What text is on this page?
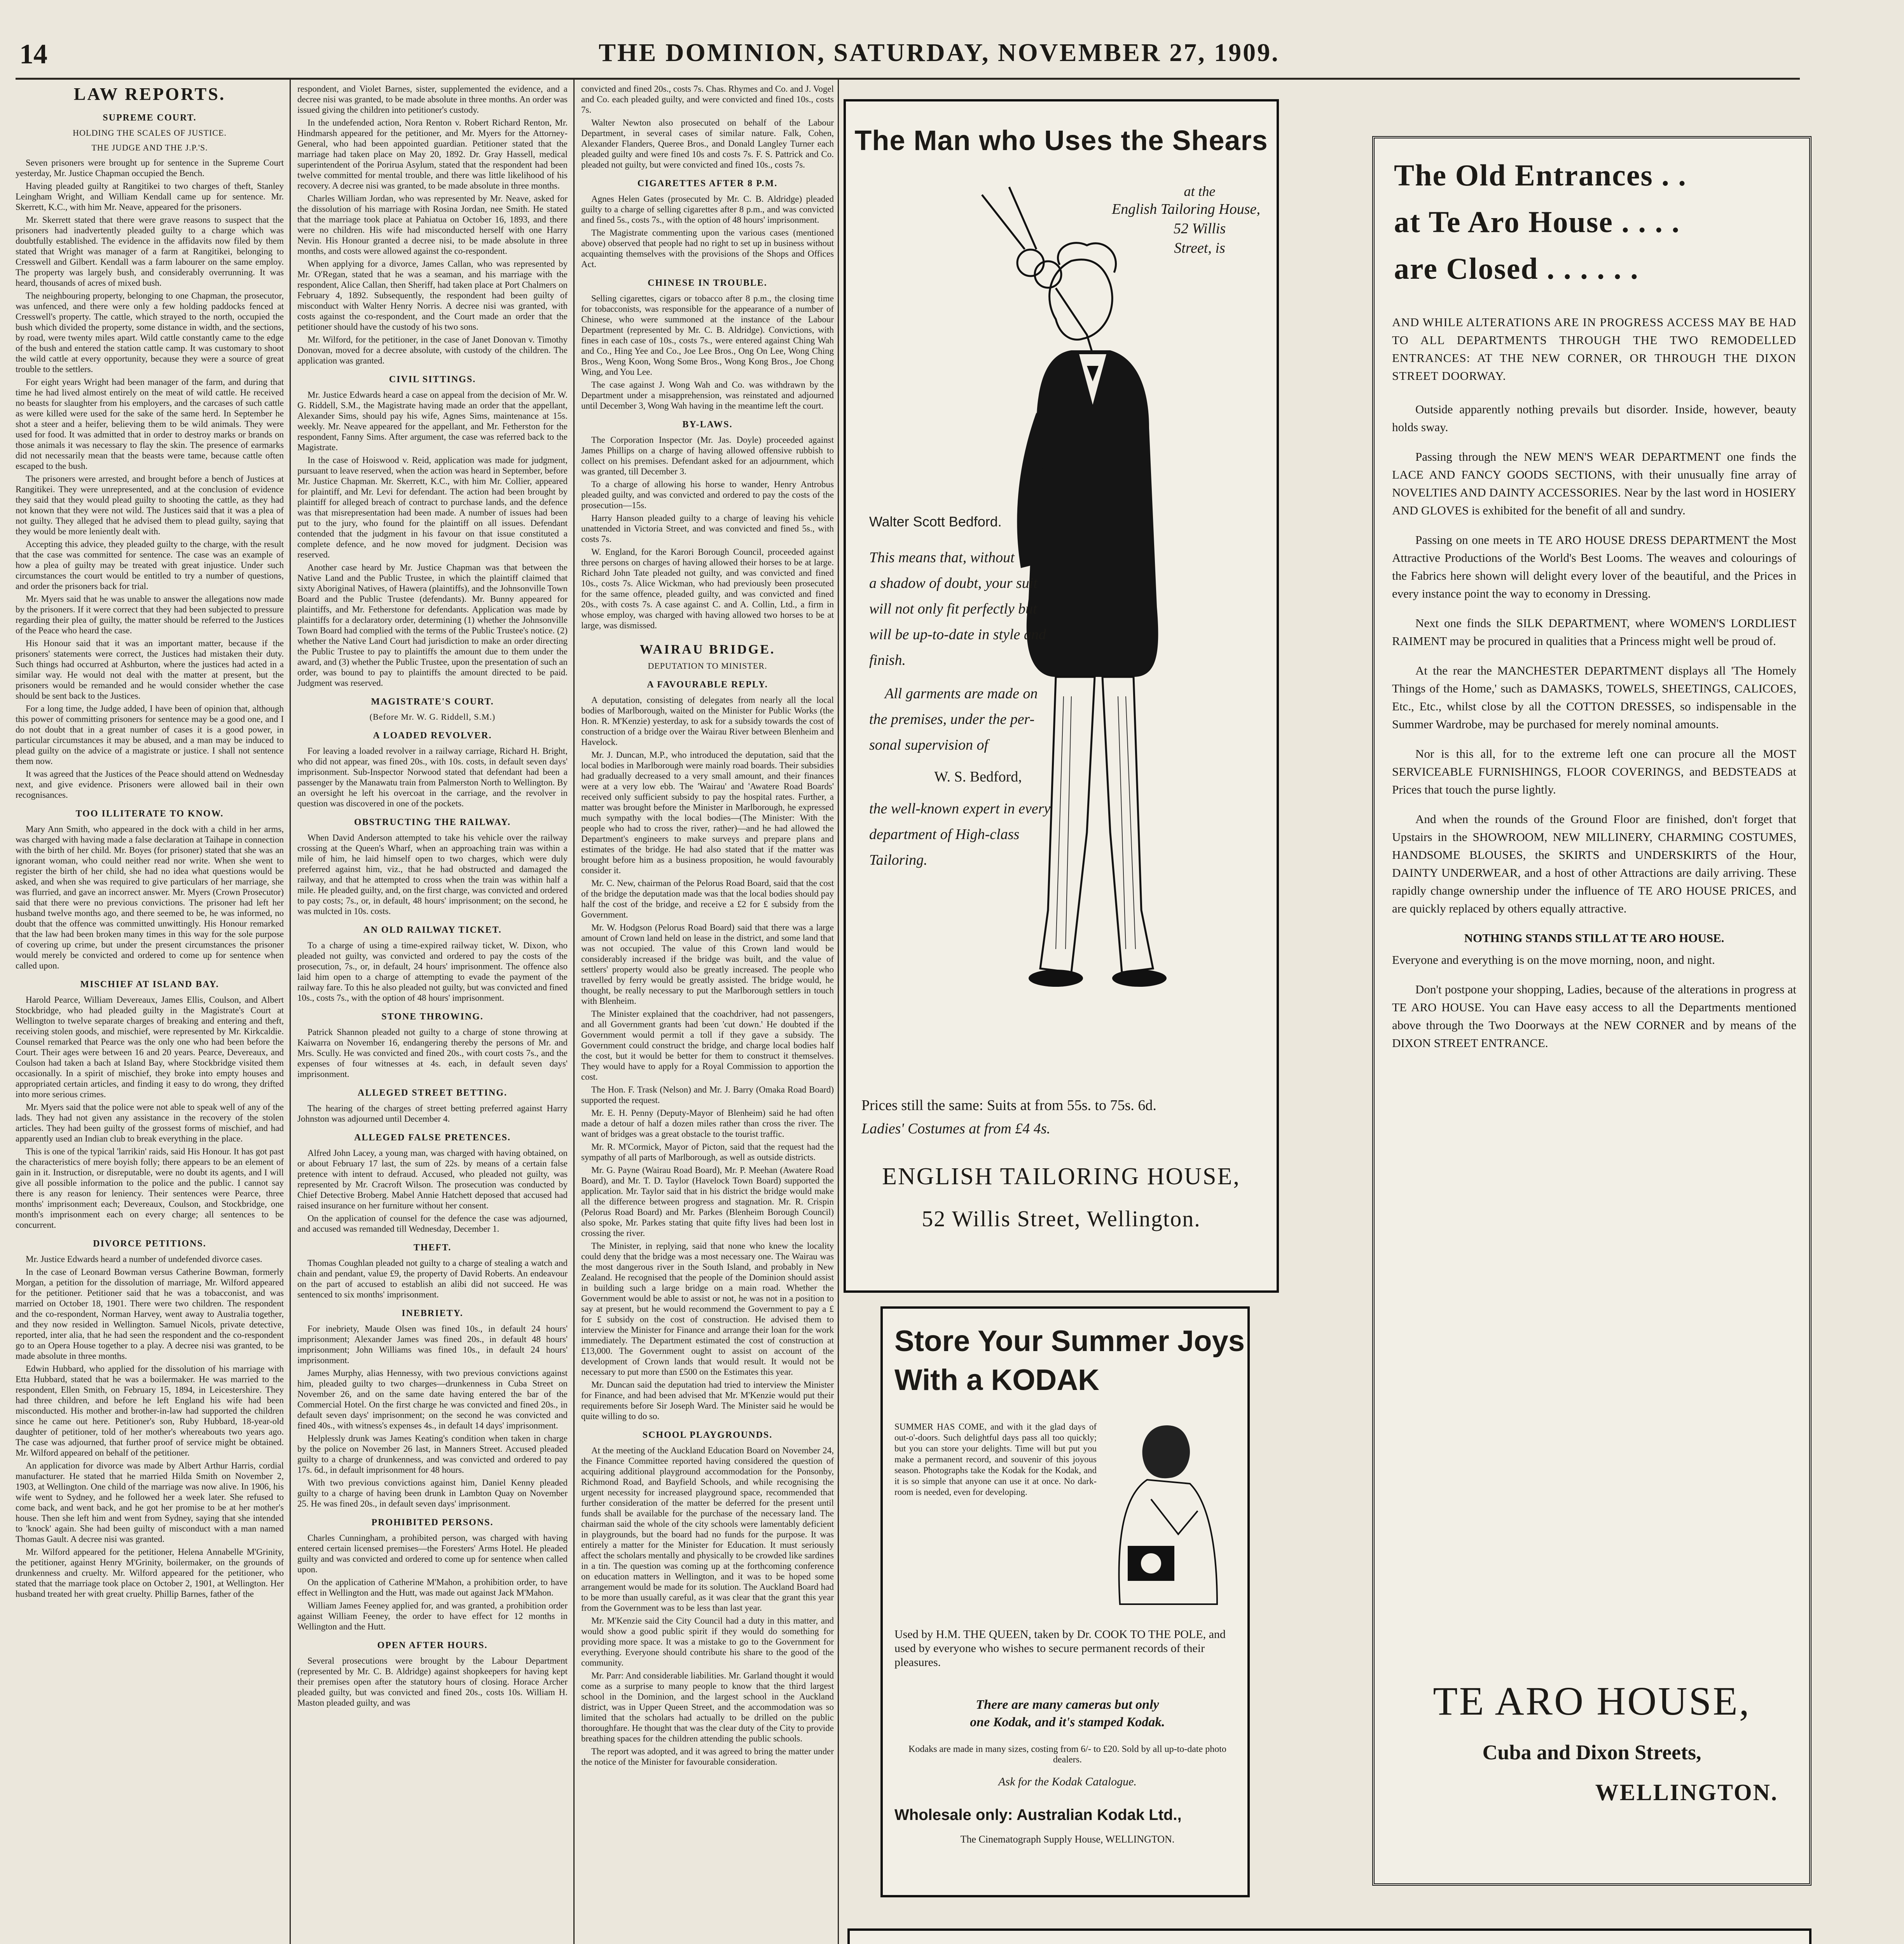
14	THE DOMINION, SATURDAY, NOVEMBER 27, 1909.
LAW REPORTS.
SUPREME COURT.
HOLDING THE SCALES OF JUSTICE.
THE JUDGE AND THE J.P.'S.

Seven prisoners were brought up for sentence in the Supreme Court yesterday, Mr. Justice Chapman occupied the Bench.

Having pleaded guilty at Rangitikei to two charges of theft, Stanley Leingham Wright, and William Kendall came up for sentence. Mr. Skerrett, K.C., with him Mr. Neave, appeared for the prisoners.

Mr. Skerrett stated that there were grave reasons to suspect that the prisoners had inadvertently pleaded guilty to a charge which was doubtfully established. The evidence in the affidavits now filed by them stated that Wright was manager of a farm at Rangitikei, belonging to Cresswell and Gilbert. Kendall was a farm labourer on the same employ. The property was largely bush, and considerably overrunning. It was heard, thousands of acres of mixed bush.

The neighbouring property, belonging to one Chapman, the prosecutor, was unfenced, and there were only a few holding paddocks fenced at Cresswell's property. The cattle, which strayed to the north, occupied the bush which divided the property, some distance in width, and the sections, by road, were twenty miles apart. Wild cattle constantly came to the edge of the bush and entered the station cattle camp. It was customary to shoot the wild cattle at every opportunity, because they were a source of great trouble to the settlers.

For eight years Wright had been manager of the farm, and during that time he had lived almost entirely on the meat of wild cattle. He received no beasts for slaughter from his employers, and the carcases of such cattle as were killed were used for the sake of the same herd. In September he shot a steer and a heifer, believing them to be wild animals. They were used for food. It was admitted that in order to destroy marks or brands on those animals it was necessary to flay the skin. The presence of earmarks did not necessarily mean that the beasts were tame, because cattle often escaped to the bush.

The prisoners were arrested, and brought before a bench of Justices at Rangitikei. They were unrepresented, and at the conclusion of evidence they said that they would plead guilty to shooting the cattle, as they had not known that they were not wild. The Justices said that it was a plea of not guilty. They alleged that he advised them to plead guilty, saying that they would be more leniently dealt with.

Accepting this advice, they pleaded guilty to the charge, with the result that the case was committed for sentence. The case was an example of how a plea of guilty may be treated with great injustice. Under such circumstances the court would be entitled to try a number of questions, and order the prisoners back for trial.

Mr. Myers said that he was unable to answer the allegations now made by the prisoners. If it were correct that they had been subjected to pressure regarding their plea of guilty, the matter should be referred to the Justices of the Peace who heard the case.

His Honour said that it was an important matter, because if the prisoners' statements were correct, the Justices had mistaken their duty. Such things had occurred at Ashburton, where the justices had acted in a similar way. He would not deal with the matter at present, but the prisoners would be remanded and he would consider whether the case should be sent back to the Justices.

For a long time, the Judge added, I have been of opinion that, although this power of committing prisoners for sentence may be a good one, and I do not doubt that in a great number of cases it is a good power, in particular circumstances it may be abused, and a man may be induced to plead guilty on the advice of a magistrate or justice. I shall not sentence them now.

It was agreed that the Justices of the Peace should attend on Wednesday next, and give evidence. Prisoners were allowed bail in their own recognisances.

TOO ILLITERATE TO KNOW.

Mary Ann Smith, who appeared in the dock with a child in her arms, was charged with having made a false declaration at Taihape in connection with the birth of her child. Mr. Boyes (for prisoner) stated that she was an ignorant woman, who could neither read nor write. When she went to register the birth of her child, she had no idea what questions would be asked, and when she was required to give particulars of her marriage, she was flurried, and gave an incorrect answer. Mr. Myers (Crown Prosecutor) said that there were no previous convictions. The prisoner had left her husband twelve months ago, and there seemed to be, he was informed, no doubt that the offence was committed unwittingly. His Honour remarked that the law had been broken many times in this way for the sole purpose of covering up crime, but under the present circumstances the prisoner would merely be convicted and ordered to come up for sentence when called upon.

MISCHIEF AT ISLAND BAY.

Harold Pearce, William Devereaux, James Ellis, Coulson, and Albert Stockbridge, who had pleaded guilty in the Magistrate's Court at Wellington to twelve separate charges of breaking and entering and theft, receiving stolen goods, and mischief, were represented by Mr. Kirkcaldie. Counsel remarked that Pearce was the only one who had been before the Court. Their ages were between 16 and 20 years. Pearce, Devereaux, and Coulson had taken a bach at Island Bay, where Stockbridge visited them occasionally. In a spirit of mischief, they broke into empty houses and appropriated certain articles, and finding it easy to do wrong, they drifted into more serious crimes.

Mr. Myers said that the police were not able to speak well of any of the lads. They had not given any assistance in the recovery of the stolen articles. They had been guilty of the grossest forms of mischief, and had apparently used an Indian club to break everything in the place.

This is one of the typical 'larrikin' raids, said His Honour. It has got past the characteristics of mere boyish folly; there appears to be an element of gain in it. Instruction, or disreputable, were no doubt its agents, and I will give all possible information to the police and the public. I cannot say there is any reason for leniency. Their sentences were Pearce, three months' imprisonment each; Devereaux, Coulson, and Stockbridge, one month's imprisonment each on every charge; all sentences to be concurrent.

DIVORCE PETITIONS.

Mr. Justice Edwards heard a number of undefended divorce cases.

In the case of Leonard Bowman versus Catherine Bowman, formerly Morgan, a petition for the dissolution of marriage, Mr. Wilford appeared for the petitioner. Petitioner said that he was a tobacconist, and was married on October 18, 1901. There were two children. The respondent and the co-respondent, Norman Harvey, went away to Australia together, and they now resided in Wellington. Samuel Nicols, private detective, reported, inter alia, that he had seen the respondent and the co-respondent go to an Opera House together to a play. A decree nisi was granted, to be made absolute in three months.

Edwin Hubbard, who applied for the dissolution of his marriage with Etta Hubbard, stated that he was a boilermaker. He was married to the respondent, Ellen Smith, on February 15, 1894, in Leicestershire. They had three children, and before he left England his wife had been misconducted. His mother and brother-in-law had supported the children since he came out here. Petitioner's son, Ruby Hubbard, 18-year-old daughter of petitioner, told of her mother's whereabouts two years ago. The case was adjourned, that further proof of service might be obtained. Mr. Wilford appeared on behalf of the petitioner.

An application for divorce was made by Albert Arthur Harris, cordial manufacturer. He stated that he married Hilda Smith on November 2, 1903, at Wellington. One child of the marriage was now alive. In 1906, his wife went to Sydney, and he followed her a week later. She refused to come back, and went back, and he got her promise to be at her mother's house. Then she left him and went from Sydney, saying that she intended to 'knock' again. She had been guilty of misconduct with a man named Thomas Gault. A decree nisi was granted.

Mr. Wilford appeared for the petitioner, Helena Annabelle M'Grinity, the petitioner, against Henry M'Grinity, boilermaker, on the grounds of drunkenness and cruelty. Mr. Wilford appeared for the petitioner, who stated that the marriage took place on October 2, 1901, at Wellington. Her husband treated her with great cruelty. Phillip Barnes, father of the

respondent, and Violet Barnes, sister, supplemented the evidence, and a decree nisi was granted, to be made absolute in three months. An order was issued giving the children into petitioner's custody.

In the undefended action, Nora Renton v. Robert Richard Renton, Mr. Hindmarsh appeared for the petitioner, and Mr. Myers for the Attorney-General, who had been appointed guardian. Petitioner stated that the marriage had taken place on May 20, 1892. Dr. Gray Hassell, medical superintendent of the Porirua Asylum, stated that the respondent had been twelve committed for mental trouble, and there was little likelihood of his recovery. A decree nisi was granted, to be made absolute in three months.

Charles William Jordan, who was represented by Mr. Neave, asked for the dissolution of his marriage with Rosina Jordan, nee Smith. He stated that the marriage took place at Pahiatua on October 16, 1893, and there were no children. His wife had misconducted herself with one Harry Nevin. His Honour granted a decree nisi, to be made absolute in three months, and costs were allowed against the co-respondent.

When applying for a divorce, James Callan, who was represented by Mr. O'Regan, stated that he was a seaman, and his marriage with the respondent, Alice Callan, then Sheriff, had taken place at Port Chalmers on February 4, 1892. Subsequently, the respondent had been guilty of misconduct with Walter Henry Norris. A decree nisi was granted, with costs against the co-respondent, and the Court made an order that the petitioner should have the custody of his two sons.

Mr. Wilford, for the petitioner, in the case of Janet Donovan v. Timothy Donovan, moved for a decree absolute, with custody of the children. The application was granted.

CIVIL SITTINGS.

Mr. Justice Edwards heard a case on appeal from the decision of Mr. W. G. Riddell, S.M., the Magistrate having made an order that the appellant, Alexander Sims, should pay his wife, Agnes Sims, maintenance at 15s. weekly. Mr. Neave appeared for the appellant, and Mr. Fetherston for the respondent, Fanny Sims. After argument, the case was referred back to the Magistrate.

In the case of Hoiswood v. Reid, application was made for judgment, pursuant to leave reserved, when the action was heard in September, before Mr. Justice Chapman. Mr. Skerrett, K.C., with him Mr. Collier, appeared for plaintiff, and Mr. Levi for defendant. The action had been brought by plaintiff for alleged breach of contract to purchase lands, and the defence was that misrepresentation had been made. A number of issues had been put to the jury, who found for the plaintiff on all issues. Defendant contended that the judgment in his favour on that issue constituted a complete defence, and he now moved for judgment. Decision was reserved.

Another case heard by Mr. Justice Chapman was that between the Native Land and the Public Trustee, in which the plaintiff claimed that sixty Aboriginal Natives, of Hawera (plaintiffs), and the Johnsonville Town Board and the Public Trustee (defendants). Mr. Bunny appeared for plaintiffs, and Mr. Fetherstone for defendants. Application was made by plaintiffs for a declaratory order, determining (1) whether the Johnsonville Town Board had complied with the terms of the Public Trustee's notice. (2) whether the Native Land Court had jurisdiction to make an order directing the Public Trustee to pay to plaintiffs the amount due to them under the award, and (3) whether the Public Trustee, upon the presentation of such an order, was bound to pay to plaintiffs the amount directed to be paid. Judgment was reserved.

MAGISTRATE'S COURT.
(Before Mr. W. G. Riddell, S.M.)
A LOADED REVOLVER.

For leaving a loaded revolver in a railway carriage, Richard H. Bright, who did not appear, was fined 20s., with 10s. costs, in default seven days' imprisonment. Sub-Inspector Norwood stated that defendant had been a passenger by the Manawatu train from Palmerston North to Wellington. By an oversight he left his overcoat in the carriage, and the revolver in question was discovered in one of the pockets.

OBSTRUCTING THE RAILWAY.

When David Anderson attempted to take his vehicle over the railway crossing at the Queen's Wharf, when an approaching train was within a mile of him, he laid himself open to two charges, which were duly preferred against him, viz., that he had obstructed and damaged the railway, and that he attempted to cross when the train was within half a mile. He pleaded guilty, and, on the first charge, was convicted and ordered to pay costs; 7s., or, in default, 48 hours' imprisonment; on the second, he was mulcted in 10s. costs.

AN OLD RAILWAY TICKET.

To a charge of using a time-expired railway ticket, W. Dixon, who pleaded not guilty, was convicted and ordered to pay the costs of the prosecution, 7s., or, in default, 24 hours' imprisonment. The offence also laid him open to a charge of attempting to evade the payment of the railway fare. To this he also pleaded not guilty, but was convicted and fined 10s., costs 7s., with the option of 48 hours' imprisonment.

STONE THROWING.

Patrick Shannon pleaded not guilty to a charge of stone throwing at Kaiwarra on November 16, endangering thereby the persons of Mr. and Mrs. Scully. He was convicted and fined 20s., with court costs 7s., and the expenses of four witnesses at 4s. each, in default seven days' imprisonment.

ALLEGED STREET BETTING.

The hearing of the charges of street betting preferred against Harry Johnston was adjourned until December 4.

ALLEGED FALSE PRETENCES.

Alfred John Lacey, a young man, was charged with having obtained, on or about February 17 last, the sum of 22s. by means of a certain false pretence with intent to defraud. Accused, who pleaded not guilty, was represented by Mr. Cracroft Wilson. The prosecution was conducted by Chief Detective Broberg. Mabel Annie Hatchett deposed that accused had raised insurance on her furniture without her consent.

On the application of counsel for the defence the case was adjourned, and accused was remanded till Wednesday, December 1.

THEFT.

Thomas Coughlan pleaded not guilty to a charge of stealing a watch and chain and pendant, value £9, the property of David Roberts. An endeavour on the part of accused to establish an alibi did not succeed. He was sentenced to six months' imprisonment.

INEBRIETY.

For inebriety, Maude Olsen was fined 10s., in default 24 hours' imprisonment; Alexander James was fined 20s., in default 48 hours' imprisonment; John Williams was fined 10s., in default 24 hours' imprisonment.

James Murphy, alias Hennessy, with two previous convictions against him, pleaded guilty to two charges—drunkenness in Cuba Street on November 26, and on the same date having entered the bar of the Commercial Hotel. On the first charge he was convicted and fined 20s., in default seven days' imprisonment; on the second he was convicted and fined 40s., with witness's expenses 4s., in default 14 days' imprisonment.

Helplessly drunk was James Keating's condition when taken in charge by the police on November 26 last, in Manners Street. Accused pleaded guilty to a charge of drunkenness, and was convicted and ordered to pay 17s. 6d., in default imprisonment for 48 hours.

With two previous convictions against him, Daniel Kenny pleaded guilty to a charge of having been drunk in Lambton Quay on November 25. He was fined 20s., in default seven days' imprisonment.

PROHIBITED PERSONS.

Charles Cunningham, a prohibited person, was charged with having entered certain licensed premises—the Foresters' Arms Hotel. He pleaded guilty and was convicted and ordered to come up for sentence when called upon.

On the application of Catherine M'Mahon, a prohibition order, to have effect in Wellington and the Hutt, was made out against Jack M'Mahon.

William James Feeney applied for, and was granted, a prohibition order against William Feeney, the order to have effect for 12 months in Wellington and the Hutt.

OPEN AFTER HOURS.

Several prosecutions were brought by the Labour Department (represented by Mr. C. B. Aldridge) against shopkeepers for having kept their premises open after the statutory hours of closing. Horace Archer pleaded guilty, but was convicted and fined 20s., costs 10s. William H. Maston pleaded guilty, and was

convicted and fined 20s., costs 7s. Chas. Rhymes and Co. and J. Vogel and Co. each pleaded guilty, and were convicted and fined 10s., costs 7s.

Walter Newton also prosecuted on behalf of the Labour Department, in several cases of similar nature. Falk, Cohen, Alexander Flanders, Queree Bros., and Donald Langley Turner each pleaded guilty and were fined 10s and costs 7s. F. S. Pattrick and Co. pleaded not guilty, but were convicted and fined 10s., costs 7s.

CIGARETTES AFTER 8 P.M.

Agnes Helen Gates (prosecuted by Mr. C. B. Aldridge) pleaded guilty to a charge of selling cigarettes after 8 p.m., and was convicted and fined 5s., costs 7s., with the option of 48 hours' imprisonment.

The Magistrate commenting upon the various cases (mentioned above) observed that people had no right to set up in business without acquainting themselves with the provisions of the Shops and Offices Act.

CHINESE IN TROUBLE.

Selling cigarettes, cigars or tobacco after 8 p.m., the closing time for tobacconists, was responsible for the appearance of a number of Chinese, who were summoned at the instance of the Labour Department (represented by Mr. C. B. Aldridge). Convictions, with fines in each case of 10s., costs 7s., were entered against Ching Wah and Co., Hing Yee and Co., Joe Lee Bros., Ong On Lee, Wong Ching Bros., Weng Koon, Wong Some Bros., Wong Kong Bros., Joe Chong Wing, and You Lee.

The case against J. Wong Wah and Co. was withdrawn by the Department under a misapprehension, was reinstated and adjourned until December 3, Wong Wah having in the meantime left the court.

BY-LAWS.

The Corporation Inspector (Mr. Jas. Doyle) proceeded against James Phillips on a charge of having allowed offensive rubbish to collect on his premises. Defendant asked for an adjournment, which was granted, till December 3.

To a charge of allowing his horse to wander, Henry Antrobus pleaded guilty, and was convicted and ordered to pay the costs of the prosecution—15s.

Harry Hanson pleaded guilty to a charge of leaving his vehicle unattended in Victoria Street, and was convicted and fined 5s., with costs 7s.

W. England, for the Karori Borough Council, proceeded against three persons on charges of having allowed their horses to be at large. Richard John Tate pleaded not guilty, and was convicted and fined 10s., costs 7s. Alice Wickman, who had previously been prosecuted for the same offence, pleaded guilty, and was convicted and fined 20s., with costs 7s. A case against C. and A. Collin, Ltd., a firm in whose employ, was charged with having allowed two horses to be at large, was dismissed.

WAIRAU BRIDGE.
DEPUTATION TO MINISTER.
A FAVOURABLE REPLY.

A deputation, consisting of delegates from nearly all the local bodies of Marlborough, waited on the Minister for Public Works (the Hon. R. M'Kenzie) yesterday, to ask for a subsidy towards the cost of construction of a bridge over the Wairau River between Blenheim and Havelock.

Mr. J. Duncan, M.P., who introduced the deputation, said that the local bodies in Marlborough were mainly road boards. Their subsidies had gradually decreased to a very small amount, and their finances were at a very low ebb. The 'Wairau' and 'Awatere Road Boards' received only sufficient subsidy to pay the hospital rates. Further, a matter was brought before the Minister in Marlborough, he expressed much sympathy with the local bodies—(The Minister: With the people who had to cross the river, rather)—and he had allowed the Department's engineers to make surveys and prepare plans and estimates of the bridge. He had also stated that if the matter was brought before him as a business proposition, he would favourably consider it.

Mr. C. New, chairman of the Pelorus Road Board, said that the cost of the bridge the deputation made was that the local bodies should pay half the cost of the bridge, and receive a £2 for £ subsidy from the Government.

Mr. W. Hodgson (Pelorus Road Board) said that there was a large amount of Crown land held on lease in the district, and some land that was not occupied. The value of this Crown land would be considerably increased if the bridge was built, and the value of settlers' property would also be greatly increased. The people who travelled by ferry would be greatly assisted. The bridge would, he thought, be really necessary to put the Marlborough settlers in touch with Blenheim.

The Minister explained that the coachdriver, had not passengers, and all Government grants had been 'cut down.' He doubted if the Government would permit a toll if they gave a subsidy. The Government could construct the bridge, and charge local bodies half the cost, but it would be better for them to construct it themselves. They would have to apply for a Royal Commission to apportion the cost.

The Hon. F. Trask (Nelson) and Mr. J. Barry (Omaka Road Board) supported the request.

Mr. E. H. Penny (Deputy-Mayor of Blenheim) said he had often made a detour of half a dozen miles rather than cross the river. The want of bridges was a great obstacle to the tourist traffic.

Mr. R. M'Cormick, Mayor of Picton, said that the request had the sympathy of all parts of Marlborough, as well as outside districts.

Mr. G. Payne (Wairau Road Board), Mr. P. Meehan (Awatere Road Board), and Mr. T. D. Taylor (Havelock Town Board) supported the application. Mr. Taylor said that in his district the bridge would make all the difference between progress and stagnation. Mr. R. Crispin (Pelorus Road Board) and Mr. Parkes (Blenheim Borough Council) also spoke, Mr. Parkes stating that quite fifty lives had been lost in crossing the river.

The Minister, in replying, said that none who knew the locality could deny that the bridge was a most necessary one. The Wairau was the most dangerous river in the South Island, and probably in New Zealand. He recognised that the people of the Dominion should assist in building such a large bridge on a main road. Whether the Government would be able to assist or not, he was not in a position to say at present, but he would recommend the Government to pay a £ for £ subsidy on the cost of construction. He advised them to interview the Minister for Finance and arrange their loan for the work immediately. The Department estimated the cost of construction at £13,000. The Government ought to assist on account of the development of Crown lands that would result. It would not be necessary to put more than £500 on the Estimates this year.

Mr. Duncan said the deputation had tried to interview the Minister for Finance, and had been advised that Mr. M'Kenzie would put their requirements before Sir Joseph Ward. The Minister said he would be quite willing to do so.

SCHOOL PLAYGROUNDS.

At the meeting of the Auckland Education Board on November 24, the Finance Committee reported having considered the question of acquiring additional playground accommodation for the Ponsonby, Richmond Road, and Bayfield Schools, and while recognising the urgent necessity for increased playground space, recommended that further consideration of the matter be deferred for the present until funds shall be available for the purchase of the necessary land. The chairman said the whole of the city schools were lamentably deficient in playgrounds, but the board had no funds for the purpose. It was entirely a matter for the Minister for Education. It must seriously affect the scholars mentally and physically to be crowded like sardines in a tin. The question was coming up at the forthcoming conference on education matters in Wellington, and it was to be hoped some arrangement would be made for its solution. The Auckland Board had to be more than usually careful, as it was clear that the grant this year from the Government was to be less than last year.

Mr. M'Kenzie said the City Council had a duty in this matter, and would show a good public spirit if they would do something for providing more space. It was a mistake to go to the Government for everything. Everyone should contribute his share to the good of the community.

Mr. Parr: And considerable liabilities. Mr. Garland thought it would come as a surprise to many people to know that the third largest school in the Dominion, and the largest school in the Auckland district, was in Upper Queen Street, and the accommodation was so limited that the scholars had actually to be drilled on the public thoroughfare. He thought that was the clear duty of the City to provide breathing spaces for the children attending the public schools.

The report was adopted, and it was agreed to bring the matter under the notice of the Minister for favourable consideration.

The Man who Uses the Shears
at the
English Tailoring House,
52 Willis
Street, is
Walter Scott Bedford.
This means that, without
a shadow of doubt, your suit
will not only fit perfectly but
will be up-to-date in style and
finish.
All garments are made on
the premises, under the per-
sonal supervision of
W. S. Bedford,
the well-known expert in every
department of High-class
Tailoring.
Prices still the same: Suits at from 55s. to 75s. 6d.
Ladies' Costumes at from £4 4s.
ENGLISH TAILORING HOUSE,
52 Willis Street, Wellington.
Store Your Summer Joys
With a KODAK
SUMMER HAS COME, and with it the glad days of out-o'-doors. Such delightful days pass all too quickly; but you can store your delights. Time will but put you make a permanent record, and souvenir of this joyous season. Photographs take the Kodak for the Kodak, and it is so simple that anyone can use it at once. No dark-room is needed, even for developing.
Used by H.M. THE QUEEN, taken by Dr. COOK TO THE POLE, and used by everyone who wishes to secure permanent records of their pleasures.
There are many cameras but only
one Kodak, and it's stamped Kodak.
Kodaks are made in many sizes, costing from 6/- to £20. Sold by all up-to-date photo dealers.
Ask for the Kodak Catalogue.
Wholesale only: Australian Kodak Ltd.,
The Cinematograph Supply House, WELLINGTON.
The Old Entrances . .
at Te Aro House . . . .
are Closed . . . . . .
AND WHILE ALTERATIONS ARE IN PROGRESS ACCESS MAY BE HAD TO ALL DEPARTMENTS THROUGH THE TWO REMODELLED ENTRANCES: AT THE NEW CORNER, OR THROUGH THE DIXON STREET DOORWAY.
Outside apparently nothing prevails but disorder. Inside, however, beauty holds sway.
Passing through the NEW MEN'S WEAR DEPARTMENT one finds the LACE AND FANCY GOODS SECTIONS, with their unusually fine array of NOVELTIES AND DAINTY ACCESSORIES. Near by the last word in HOSIERY AND GLOVES is exhibited for the benefit of all and sundry.
Passing on one meets in TE ARO HOUSE DRESS DEPARTMENT the Most Attractive Productions of the World's Best Looms. The weaves and colourings of the Fabrics here shown will delight every lover of the beautiful, and the Prices in every instance point the way to economy in Dressing.
Next one finds the SILK DEPARTMENT, where WOMEN'S LORDLIEST RAIMENT may be procured in qualities that a Princess might well be proud of.
At the rear the MANCHESTER DEPARTMENT displays all 'The Homely Things of the Home,' such as DAMASKS, TOWELS, SHEETINGS, CALICOES, Etc., Etc., whilst close by all the COTTON DRESSES, so indispensable in the Summer Wardrobe, may be purchased for merely nominal amounts.
Nor is this all, for to the extreme left one can procure all the MOST SERVICEABLE FURNISHINGS, FLOOR COVERINGS, and BEDSTEADS at Prices that touch the purse lightly.
And when the rounds of the Ground Floor are finished, don't forget that Upstairs in the SHOWROOM, NEW MILLINERY, CHARMING COSTUMES, HANDSOME BLOUSES, the SKIRTS and UNDERSKIRTS of the Hour, DAINTY UNDERWEAR, and a host of other Attractions are daily arriving. These rapidly change ownership under the influence of TE ARO HOUSE PRICES, and are quickly replaced by others equally attractive.
NOTHING STANDS STILL AT TE ARO HOUSE.
Everyone and everything is on the move morning, noon, and night.
Don't postpone your shopping, Ladies, because of the alterations in progress at TE ARO HOUSE. You can Have easy access to all the Departments mentioned above through the Two Doorways at the NEW CORNER and by means of the DIXON STREET ENTRANCE.
TE ARO HOUSE,
Cuba and Dixon Streets,
WELLINGTON.
